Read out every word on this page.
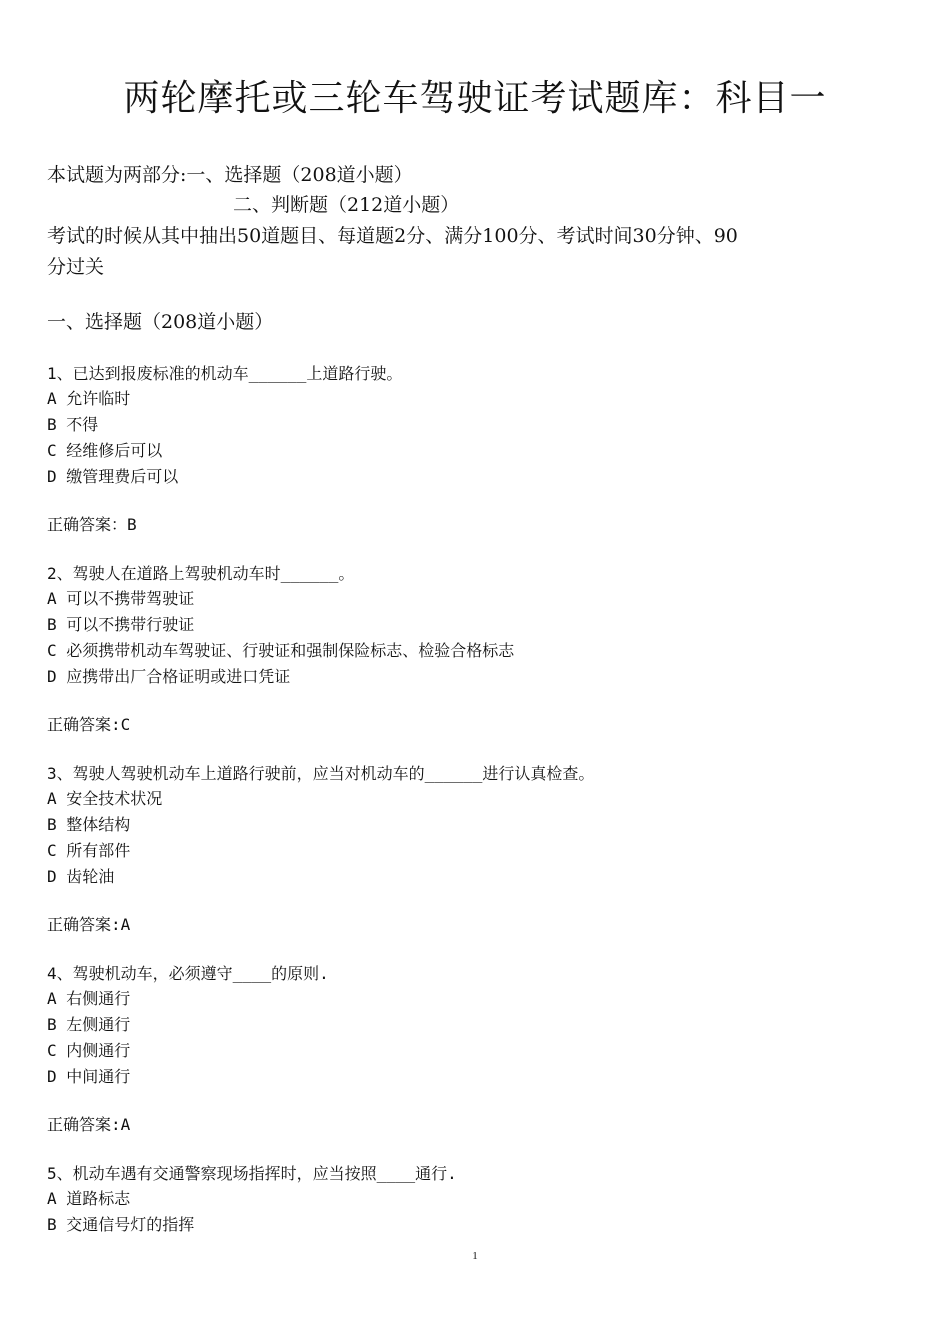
两轮摩托或三轮车驾驶证考试题库：科目一
本试题为两部分:一、选择题（208道小题）
二、判断题（212道小题）
考试的时候从其中抽出50道题目、每道题2分、满分100分、考试时间30分钟、90
分过关
一、选择题（208道小题）
1、已达到报废标准的机动车______上道路行驶。
A 允许临时
B 不得
C 经维修后可以
D 缴管理费后可以
正确答案：B
2、驾驶人在道路上驾驶机动车时______。
A 可以不携带驾驶证
B 可以不携带行驶证
C 必须携带机动车驾驶证、行驶证和强制保险标志、检验合格标志
D 应携带出厂合格证明或进口凭证
正确答案:C
3、驾驶人驾驶机动车上道路行驶前，应当对机动车的______进行认真检查。
A 安全技术状况
B 整体结构
C 所有部件
D 齿轮油
正确答案:A
4、驾驶机动车，必须遵守____的原则.
A 右侧通行
B 左侧通行
C 内侧通行
D 中间通行
正确答案:A
5、机动车遇有交通警察现场指挥时，应当按照____通行.
A 道路标志
B 交通信号灯的指挥
1
